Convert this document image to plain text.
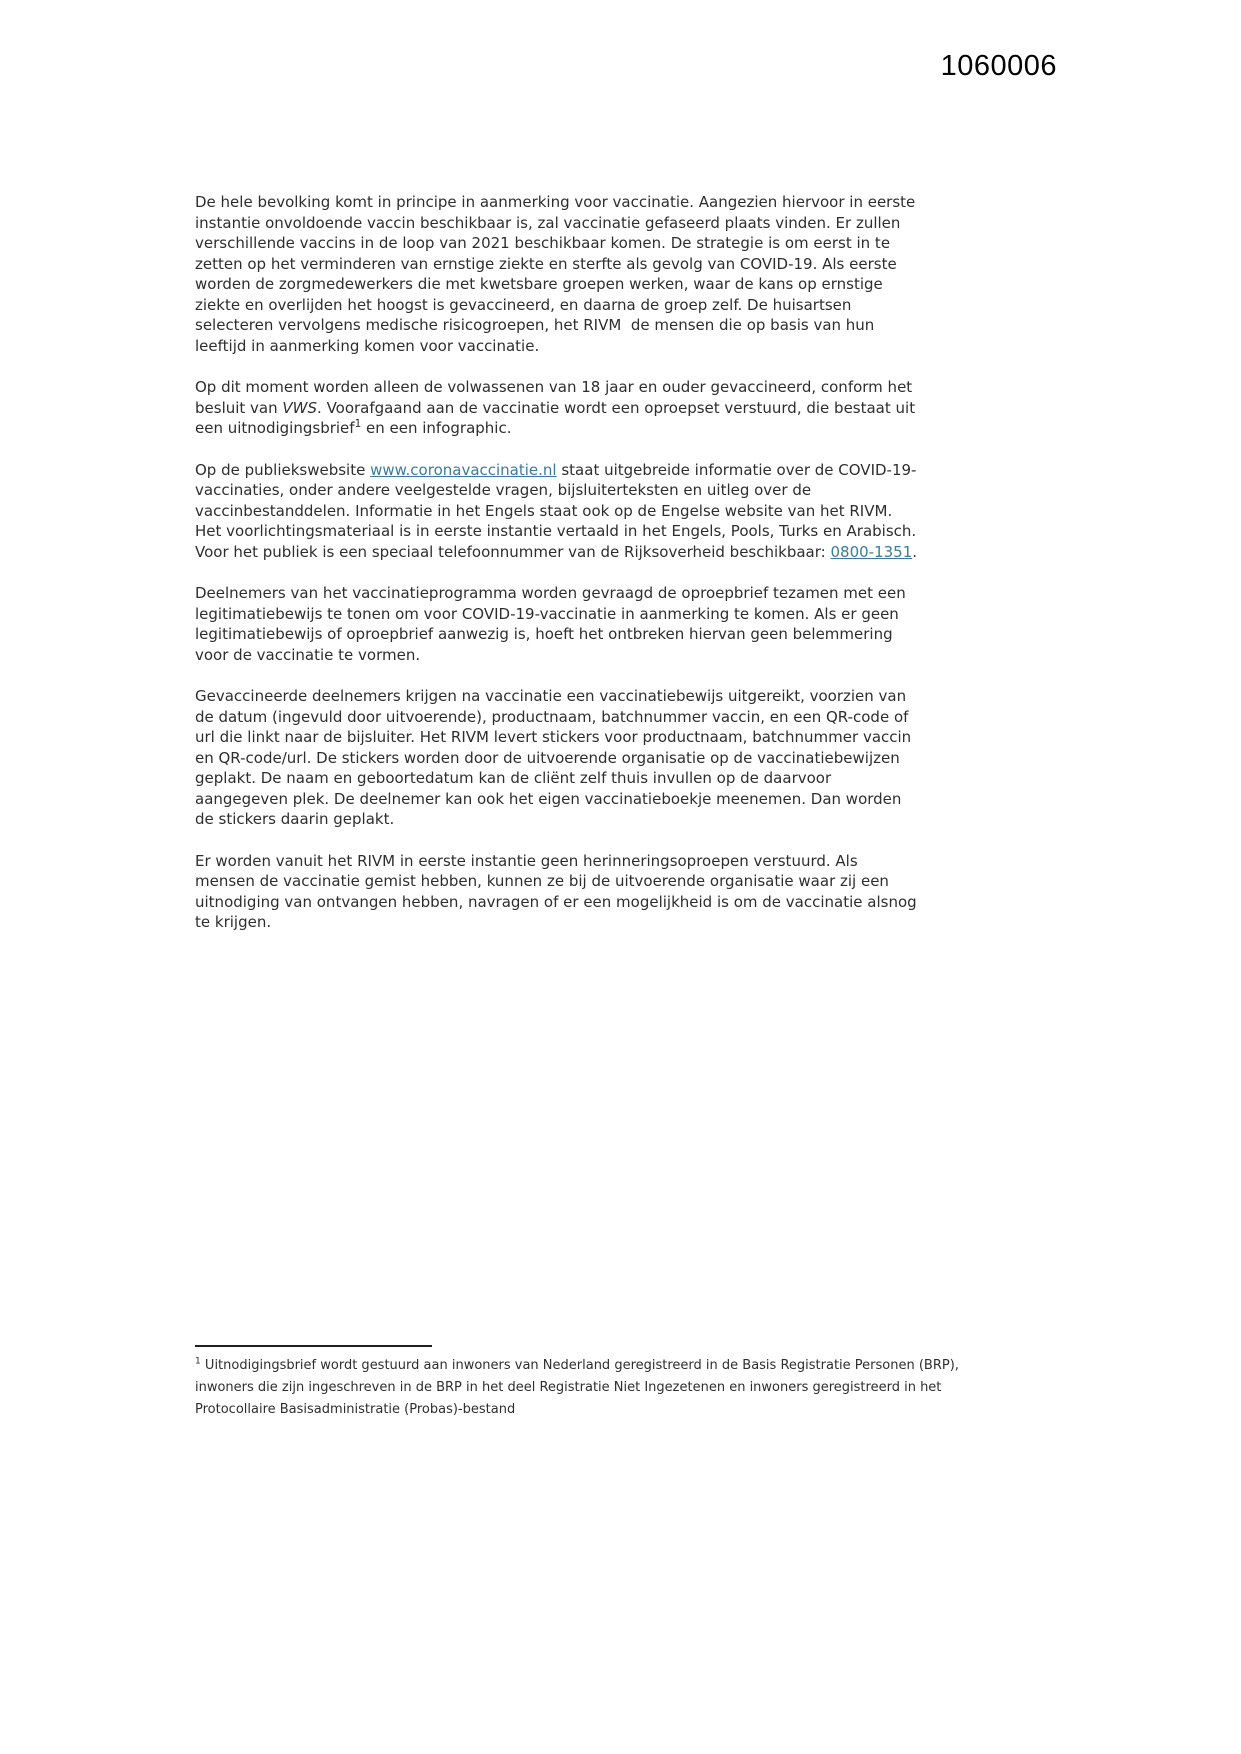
1060006
De hele bevolking komt in principe in aanmerking voor vaccinatie. Aangezien hiervoor in eerste instantie onvoldoende vaccin beschikbaar is, zal vaccinatie gefaseerd plaats vinden. Er zullen verschillende vaccins in de loop van 2021 beschikbaar komen. De strategie is om eerst in te zetten op het verminderen van ernstige ziekte en sterfte als gevolg van COVID-19. Als eerste worden de zorgmedewerkers die met kwetsbare groepen werken, waar de kans op ernstige ziekte en overlijden het hoogst is gevaccineerd, en daarna de groep zelf. De huisartsen selecteren vervolgens medische risicogroepen, het RIVM  de mensen die op basis van hun leeftijd in aanmerking komen voor vaccinatie.
Op dit moment worden alleen de volwassenen van 18 jaar en ouder gevaccineerd, conform het besluit van VWS. Voorafgaand aan de vaccinatie wordt een oproepset verstuurd, die bestaat uit een uitnodigingsbrief$^1$ en een infographic.
Op de publiekswebsite www.coronavaccinatie.nl staat uitgebreide informatie over de COVID-19-vaccinaties, onder andere veelgestelde vragen, bijsluiterteksten en uitleg over de vaccinbestanddelen. Informatie in het Engels staat ook op de Engelse website van het RIVM. Het voorlichtingsmateriaal is in eerste instantie vertaald in het Engels, Pools, Turks en Arabisch. Voor het publiek is een speciaal telefoonnummer van de Rijksoverheid beschikbaar: 0800-1351.
Deelnemers van het vaccinatieprogramma worden gevraagd de oproepbrief tezamen met een legitimatiebewijs te tonen om voor COVID-19-vaccinatie in aanmerking te komen. Als er geen legitimatiebewijs of oproepbrief aanwezig is, hoeft het ontbreken hiervan geen belemmering voor de vaccinatie te vormen.
Gevaccineerde deelnemers krijgen na vaccinatie een vaccinatiebewijs uitgereikt, voorzien van de datum (ingevuld door uitvoerende), productnaam, batchnummer vaccin, en een QR-code of url die linkt naar de bijsluiter. Het RIVM levert stickers voor productnaam, batchnummer vaccin en QR-code/url. De stickers worden door de uitvoerende organisatie op de vaccinatiebewijzen geplakt. De naam en geboortedatum kan de cliënt zelf thuis invullen op de daarvoor aangegeven plek. De deelnemer kan ook het eigen vaccinatieboekje meenemen. Dan worden de stickers daarin geplakt.
Er worden vanuit het RIVM in eerste instantie geen herinneringsoproepen verstuurd. Als mensen de vaccinatie gemist hebben, kunnen ze bij de uitvoerende organisatie waar zij een uitnodiging van ontvangen hebben, navragen of er een mogelijkheid is om de vaccinatie alsnog te krijgen.
$^1$ Uitnodigingsbrief wordt gestuurd aan inwoners van Nederland geregistreerd in de Basis Registratie Personen (BRP), inwoners die zijn ingeschreven in de BRP in het deel Registratie Niet Ingezetenen en inwoners geregistreerd in het Protocollaire Basisadministratie (Probas)-bestand
